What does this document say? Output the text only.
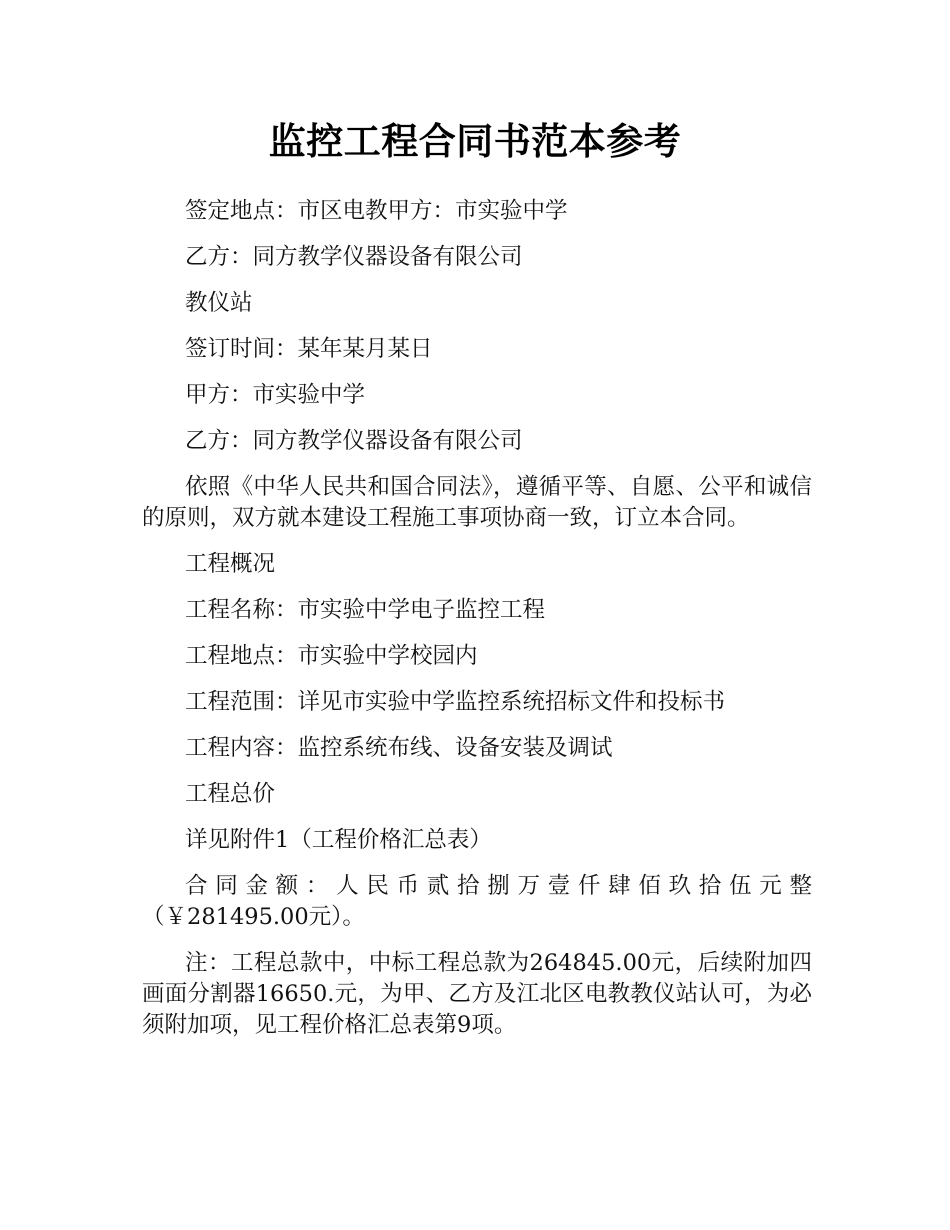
监控工程合同书范本参考

签定地点：市区电教甲方：市实验中学

乙方：同方教学仪器设备有限公司

教仪站

签订时间：某年某月某日

甲方：市实验中学

乙方：同方教学仪器设备有限公司

依照《中华人民共和国合同法》，遵循平等、自愿、公平和诚信的原则，双方就本建设工程施工事项协商一致，订立本合同。

工程概况

工程名称：市实验中学电子监控工程

工程地点：市实验中学校园内

工程范围：详见市实验中学监控系统招标文件和投标书

工程内容：监控系统布线、设备安装及调试

工程总价

详见附件1（工程价格汇总表）

合同金额：人民币贰拾捌万壹仟肆佰玖拾伍元整（￥281495.00元）。

注：工程总款中，中标工程总款为264845.00元，后续附加四画面分割器16650.元，为甲、乙方及江北区电教教仪站认可，为必须附加项，见工程价格汇总表第9项。
